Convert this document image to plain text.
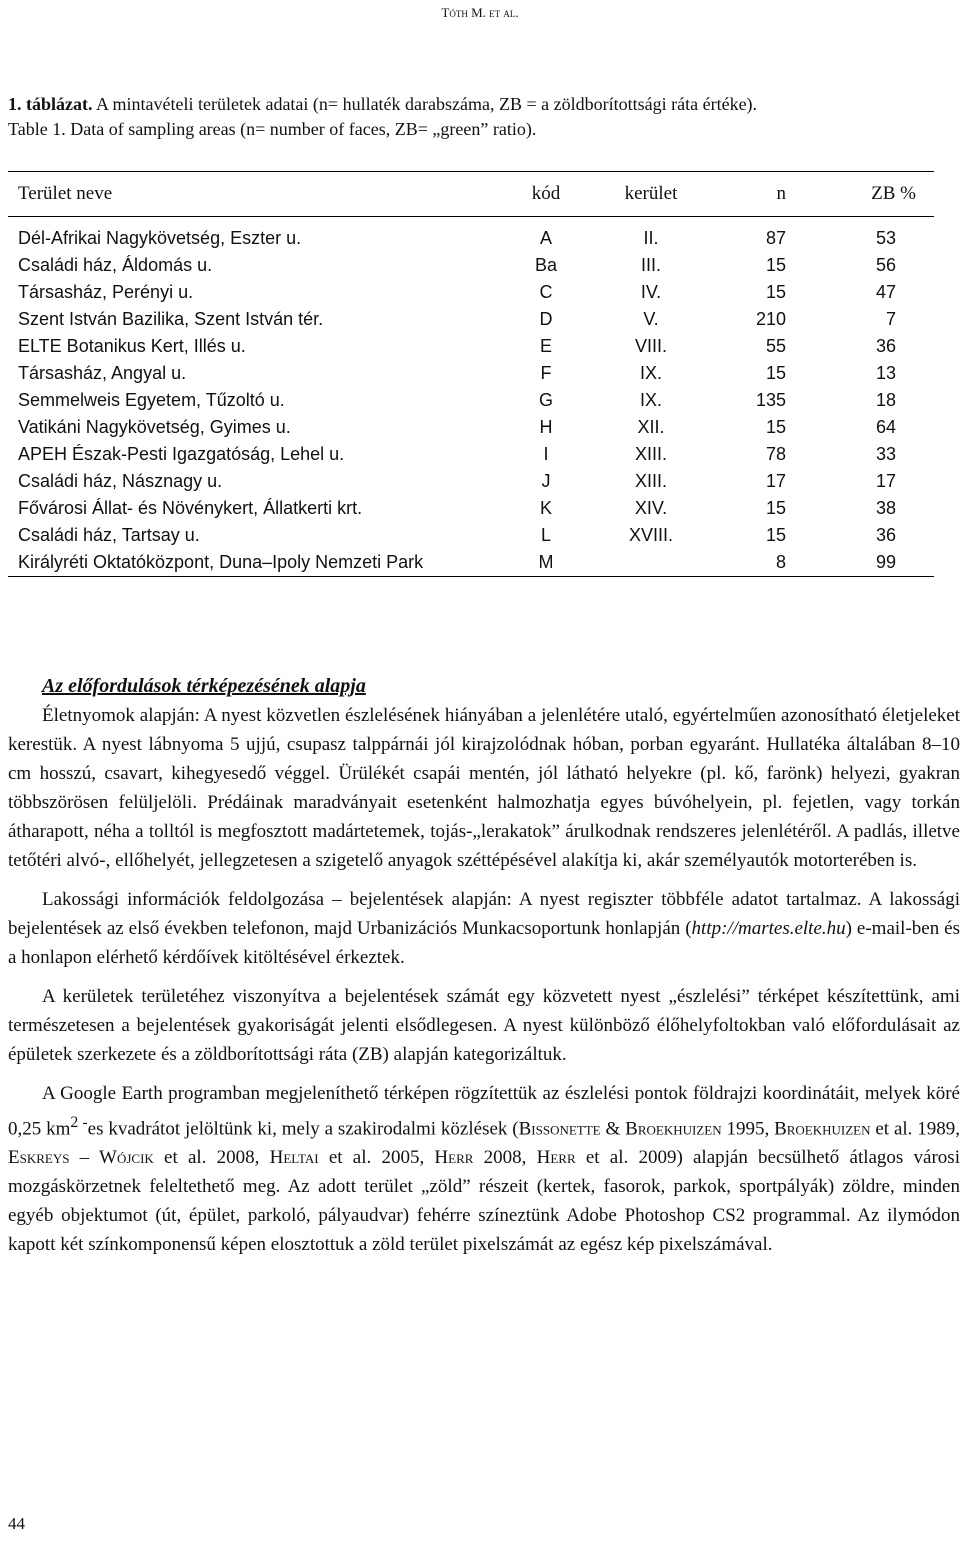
Tóth M. et al.
1. táblázat. A mintavételi területek adatai (n= hullaték darabszáma, ZB = a zöldborítottsági ráta értéke).
Table 1. Data of sampling areas (n= number of faces, ZB= „green” ratio).
Terület neve	kód	kerület	n	ZB %
Dél-Afrikai Nagykövetség, Eszter u.	A	II.	87	53
Családi ház, Áldomás u.	Ba	III.	15	56
Társasház, Perényi u.	C	IV.	15	47
Szent István Bazilika, Szent István tér.	D	V.	210	7
ELTE Botanikus Kert, Illés u.	E	VIII.	55	36
Társasház, Angyal u.	F	IX.	15	13
Semmelweis Egyetem, Tűzoltó u.	G	IX.	135	18
Vatikáni Nagykövetség, Gyimes u.	H	XII.	15	64
APEH Észak-Pesti Igazgatóság, Lehel u.	I	XIII.	78	33
Családi ház, Násznagy u.	J	XIII.	17	17
Fővárosi Állat- és Növénykert, Állatkerti krt.	K	XIV.	15	38
Családi ház, Tartsay u.	L	XVIII.	15	36
Királyréti Oktatóközpont, Duna–Ipoly Nemzeti Park	M		8	99

Az előfordulások térképezésének alapja

Életnyomok alapján: A nyest közvetlen észlelésének hiányában a jelenlétére utaló, egyértelműen azonosítható életjeleket kerestük. A nyest lábnyoma 5 ujjú, csupasz talppárnái jól kirajzolódnak hóban, porban egyaránt. Hullatéka általában 8–10 cm hosszú, csavart, kihegyesedő véggel. Ürülékét csapái mentén, jól látható helyekre (pl. kő, farönk) helyezi, gyakran többszörösen felüljelöli. Prédáinak maradványait esetenként halmozhatja egyes búvóhelyein, pl. fejetlen, vagy torkán átharapott, néha a tolltól is megfosztott madártetemek, tojás-„lerakatok” árulkodnak rendszeres jelenlétéről. A padlás, illetve tetőtéri alvó-, ellőhelyét, jellegzetesen a szigetelő anyagok széttépésével alakítja ki, akár személyautók motorterében is.

Lakossági információk feldolgozása – bejelentések alapján: A nyest regiszter többféle adatot tartalmaz. A lakossági bejelentések az első években telefonon, majd Urbanizációs Munkacsoportunk honlapján (http://martes.elte.hu) e-mail-ben és a honlapon elérhető kérdőívek kitöltésével érkeztek.

A kerületek területéhez viszonyítva a bejelentések számát egy közvetett nyest „észlelési” térképet készítettünk, ami természetesen a bejelentések gyakoriságát jelenti elsődlegesen. A nyest különböző élőhelyfoltokban való előfordulásait az épületek szerkezete és a zöldborítottsági ráta (ZB) alapján kategorizáltuk.

A Google Earth programban megjeleníthető térképen rögzítettük az észlelési pontok földrajzi koordinátáit, melyek köré 0,25 $km^{2 -}es$ kvadrátot jelöltünk ki, mely a szakirodalmi közlések (Bissonette & Broekhuizen 1995, Broekhuizen et al. 1989, Eskreys – Wójcik et al. 2008, Heltai et al. 2005, Herr 2008, Herr et al. 2009) alapján becsülhető átlagos városi mozgáskörzetnek feleltethető meg. Az adott terület „zöld” részeit (kertek, fasorok, parkok, sportpályák) zöldre, minden egyéb objektumot (út, épület, parkoló, pályaudvar) fehérre színeztünk Adobe Photoshop CS2 programmal. Az ilymódon kapott két színkomponensű képen elosztottuk a zöld terület pixelszámát az egész kép pixelszámával.

44
